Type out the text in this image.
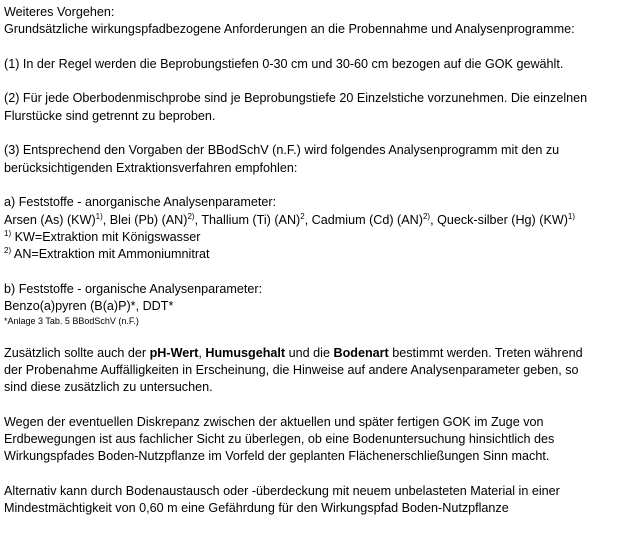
Weiteres Vorgehen:
Grundsätzliche wirkungspfadbezogene Anforderungen an die Probennahme und Analysenprogramme:
(1) In der Regel werden die Beprobungstiefen 0-30 cm und 30-60 cm bezogen auf die GOK gewählt.
(2) Für jede Oberbodenmischprobe sind je Beprobungstiefe 20 Einzelstiche vorzunehmen. Die einzelnen
Flurstücke sind getrennt zu beproben.
(3) Entsprechend den Vorgaben der BBodSchV (n.F.) wird folgendes Analysenprogramm mit den zu
berücksichtigenden Extraktionsverfahren empfohlen:
a) Feststoffe - anorganische Analysenparameter:
Arsen (As) (KW)$^{1)}$, Blei (Pb) (AN)$^{2)}$, Thallium (Ti) (AN)$^2$, Cadmium (Cd) (AN)$^{2)}$, Queck-silber (Hg) (KW)$^{1)}$
$^{1)}$ KW=Extraktion mit Königswasser
$^{2)}$ AN=Extraktion mit Ammoniumnitrat
b) Feststoffe - organische Analysenparameter:
Benzo(a)pyren (B(a)P)*, DDT*
*Anlage 3 Tab. 5 BBodSchV (n.F.)
Zusätzlich sollte auch der pH-Wert, Humusgehalt und die Bodenart bestimmt werden. Treten während
der Probenahme Auffälligkeiten in Erscheinung, die Hinweise auf andere Analysenparameter geben, so
sind diese zusätzlich zu untersuchen.
Wegen der eventuellen Diskrepanz zwischen der aktuellen und später fertigen GOK im Zuge von
Erdbewegungen ist aus fachlicher Sicht zu überlegen, ob eine Bodenuntersuchung hinsichtlich des
Wirkungspfades Boden-Nutzpflanze im Vorfeld der geplanten Flächenerschließungen Sinn macht.
Alternativ kann durch Bodenaustausch oder -überdeckung mit neuem unbelasteten Material in einer
Mindestmächtigkeit von 0,60 m eine Gefährdung für den Wirkungspfad Boden-Nutzpflanze
